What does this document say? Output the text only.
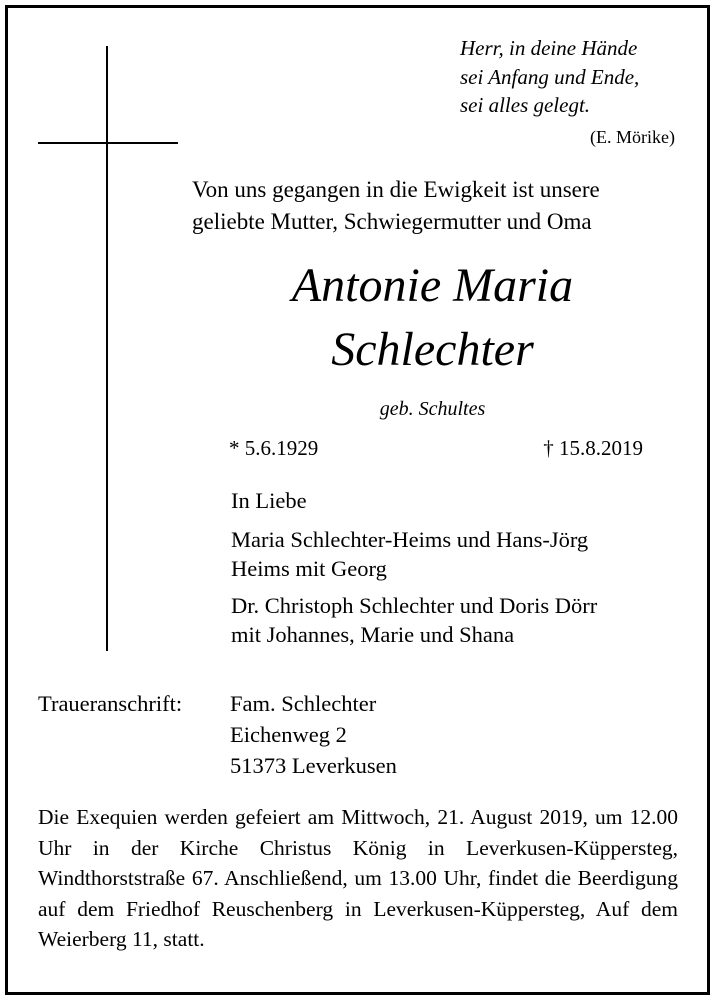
Herr, in deine Hände
sei Anfang und Ende,
sei alles gelegt.
(E. Mörike)
Von uns gegangen in die Ewigkeit ist unsere
geliebte Mutter, Schwiegermutter und Oma
Antonie Maria
Schlechter
geb. Schultes
* 5.6.1929	† 15.8.2019
In Liebe
Maria Schlechter-Heims und Hans-Jörg
Heims mit Georg
Dr. Christoph Schlechter und Doris Dörr
mit Johannes, Marie und Shana
Traueranschrift: Fam. Schlechter
Eichenweg 2
51373 Leverkusen
Die Exequien werden gefeiert am Mittwoch, 21. August 2019, um 12.00 Uhr in der Kirche Christus König in Leverkusen-Küppersteg, Windthorststraße 67. Anschließend, um 13.00 Uhr, findet die Beerdigung auf dem Friedhof Reuschenberg in Leverkusen-Küppersteg, Auf dem Weierberg 11, statt.
